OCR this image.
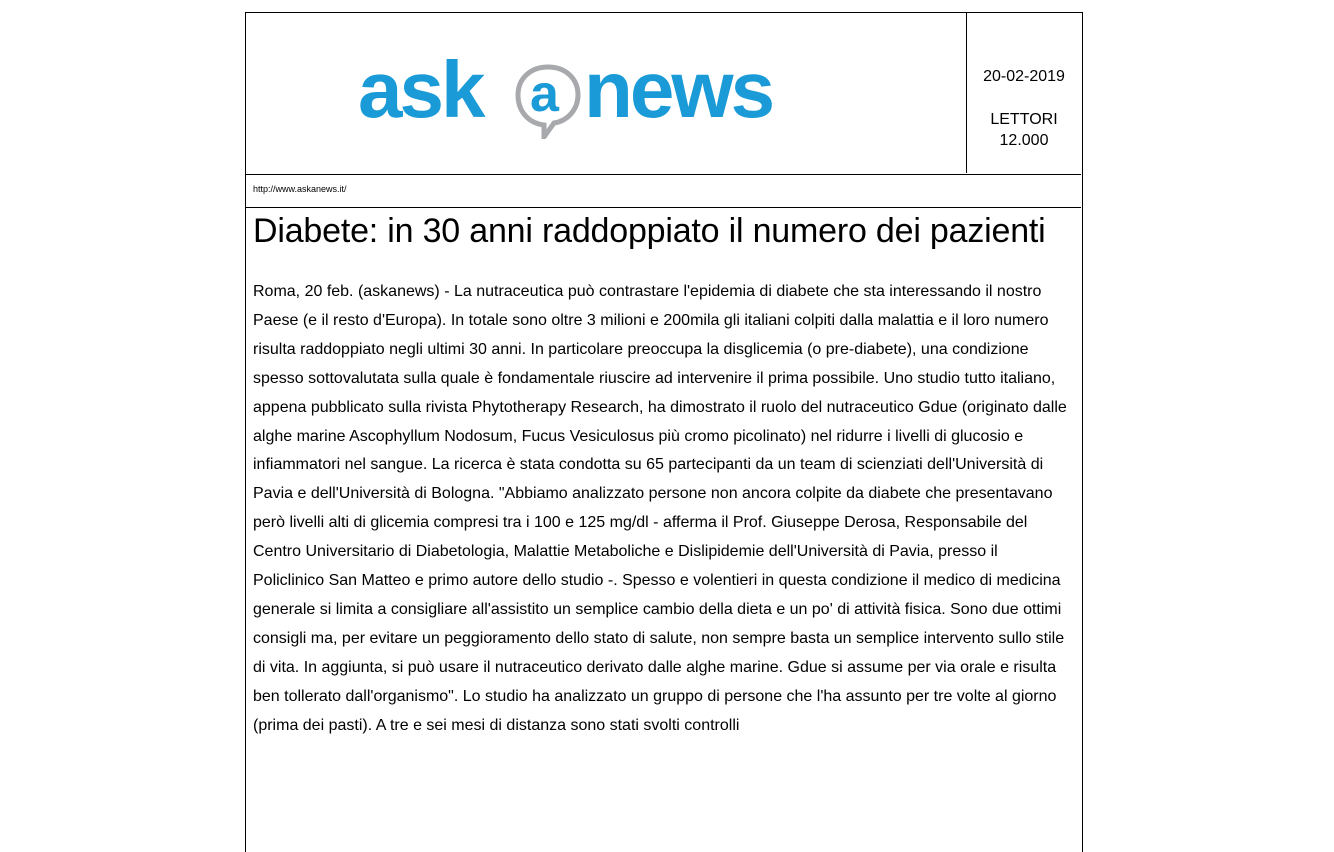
ask a news	20-02-2019
LETTORI
12.000
http://www.askanews.it/
Diabete: in 30 anni raddoppiato il numero dei pazienti

Roma, 20 feb. (askanews) - La nutraceutica può contrastare l'epidemia di diabete che sta interessando il nostro Paese (e il resto d'Europa). In totale sono oltre 3 milioni e 200mila gli italiani colpiti dalla malattia e il loro numero risulta raddoppiato negli ultimi 30 anni. In particolare preoccupa la disglicemia (o pre-diabete), una condizione spesso sottovalutata sulla quale è fondamentale riuscire ad intervenire il prima possibile. Uno studio tutto italiano, appena pubblicato sulla rivista Phytotherapy Research, ha dimostrato il ruolo del nutraceutico Gdue (originato dalle alghe marine Ascophyllum Nodosum, Fucus Vesiculosus più cromo picolinato) nel ridurre i livelli di glucosio e infiammatori nel sangue. La ricerca è stata condotta su 65 partecipanti da un team di scienziati dell'Università di Pavia e dell'Università di Bologna. "Abbiamo analizzato persone non ancora colpite da diabete che presentavano però livelli alti di glicemia compresi tra i 100 e 125 mg/dl - afferma il Prof. Giuseppe Derosa, Responsabile del Centro Universitario di Diabetologia, Malattie Metaboliche e Dislipidemie dell'Università di Pavia, presso il Policlinico San Matteo e primo autore dello studio -. Spesso e volentieri in questa condizione il medico di medicina generale si limita a consigliare all'assistito un semplice cambio della dieta e un po' di attività fisica. Sono due ottimi consigli ma, per evitare un peggioramento dello stato di salute, non sempre basta un semplice intervento sullo stile di vita. In aggiunta, si può usare il nutraceutico derivato dalle alghe marine. Gdue si assume per via orale e risulta ben tollerato dall'organismo". Lo studio ha analizzato un gruppo di persone che l'ha assunto per tre volte al giorno (prima dei pasti). A tre e sei mesi di distanza sono stati svolti controlli
